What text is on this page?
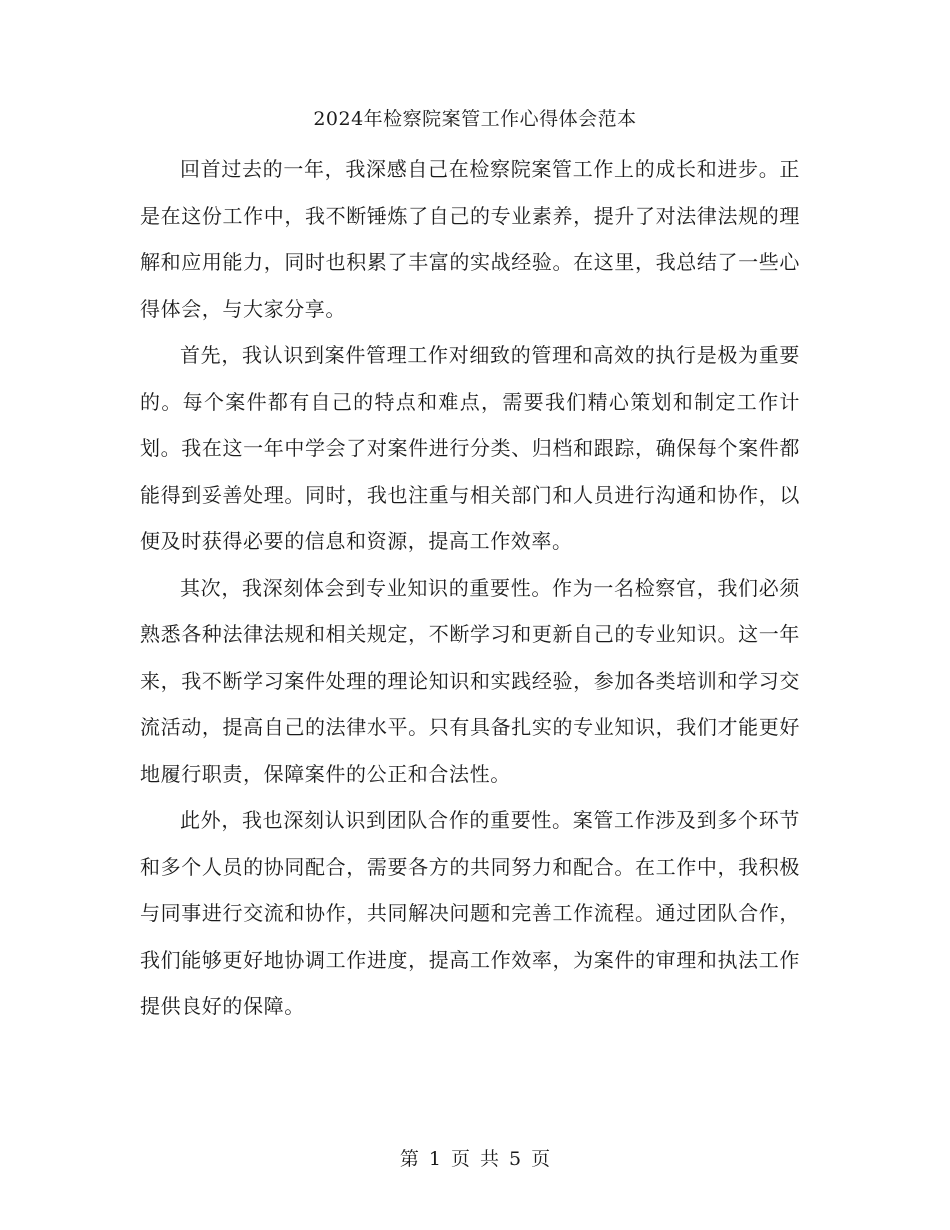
2024年检察院案管工作心得体会范本

回首过去的一年，我深感自己在检察院案管工作上的成长和进步。正是在这份工作中，我不断锤炼了自己的专业素养，提升了对法律法规的理解和应用能力，同时也积累了丰富的实战经验。在这里，我总结了一些心得体会，与大家分享。

首先，我认识到案件管理工作对细致的管理和高效的执行是极为重要的。每个案件都有自己的特点和难点，需要我们精心策划和制定工作计划。我在这一年中学会了对案件进行分类、归档和跟踪，确保每个案件都能得到妥善处理。同时，我也注重与相关部门和人员进行沟通和协作，以便及时获得必要的信息和资源，提高工作效率。

其次，我深刻体会到专业知识的重要性。作为一名检察官，我们必须熟悉各种法律法规和相关规定，不断学习和更新自己的专业知识。这一年来，我不断学习案件处理的理论知识和实践经验，参加各类培训和学习交流活动，提高自己的法律水平。只有具备扎实的专业知识，我们才能更好地履行职责，保障案件的公正和合法性。

此外，我也深刻认识到团队合作的重要性。案管工作涉及到多个环节和多个人员的协同配合，需要各方的共同努力和配合。在工作中，我积极与同事进行交流和协作，共同解决问题和完善工作流程。通过团队合作，我们能够更好地协调工作进度，提高工作效率，为案件的审理和执法工作提供良好的保障。

第 1 页 共 5 页
